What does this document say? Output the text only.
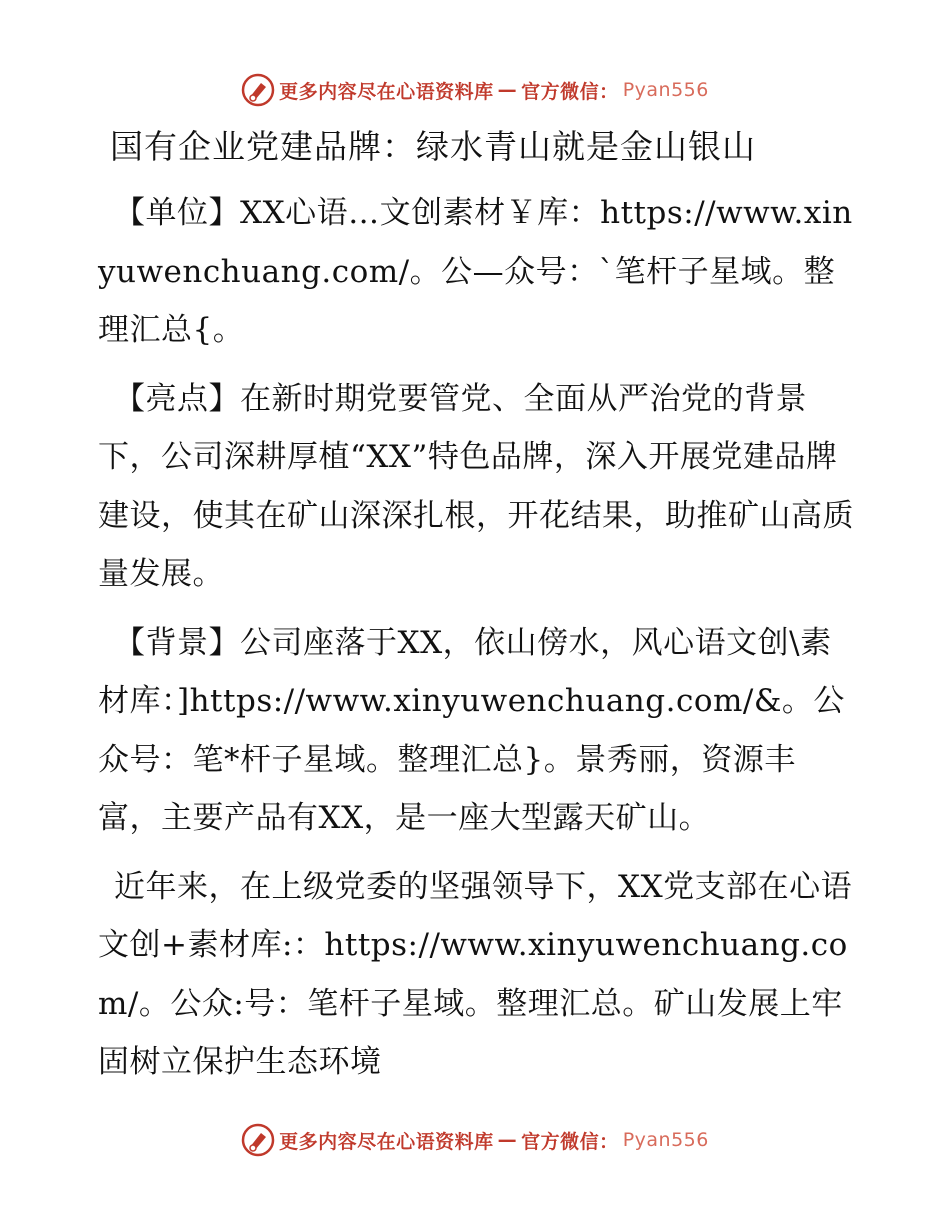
更多内容尽在心语资料库 — 官方微信： Pyan556
国有企业党建品牌：绿水青山就是金山银山

【单位】XX心语…文创素材￥库：https://www.xinyuwenchuang.com/。公—众号：`笔杆子星域。整理汇总{。

【亮点】在新时期党要管党、全面从严治党的背景下，公司深耕厚植“XX”特色品牌，深入开展党建品牌建设，使其在矿山深深扎根，开花结果，助推矿山高质量发展。

【背景】公司座落于XX，依山傍水，风心语文创\素材库：]https://www.xinyuwenchuang.com/&。公众号：笔*杆子星域。整理汇总}。景秀丽，资源丰富，主要产品有XX，是一座大型露天矿山。

近年来，在上级党委的坚强领导下，XX党支部在心语文创+素材库:：https://www.xinyuwenchuang.com/。公众:号：笔杆子星域。整理汇总。矿山发展上牢固树立保护生态环境

更多内容尽在心语资料库 — 官方微信： Pyan556
